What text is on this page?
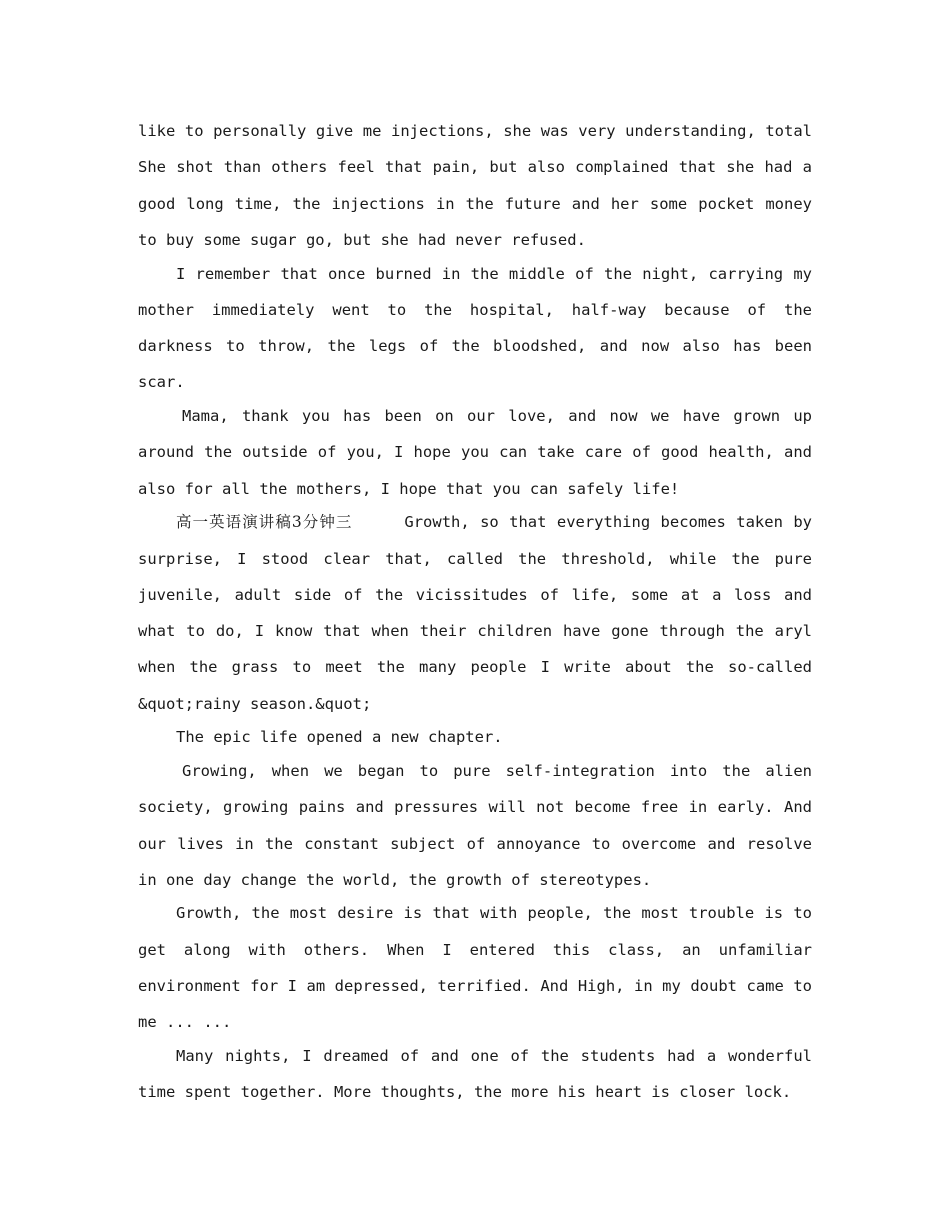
like to personally give me injections, she was very understanding, total She shot than others feel that pain, but also complained that she had a good long time, the injections in the future and her some pocket money to buy some sugar go, but she had never refused.

I remember that once burned in the middle of the night, carrying my mother immediately went to the hospital, half-way because of the darkness to throw, the legs of the bloodshed, and now also has been scar.

Mama, thank you has been on our love, and now we have grown up around the outside of you, I hope you can take care of good health, and also for all the mothers, I hope that you can safely life!

高一英语演讲稿3分钟三	Growth, so that everything becomes taken by surprise, I stood clear that, called the threshold, while the pure juvenile, adult side of the vicissitudes of life, some at a loss and what to do, I know that when their children have gone through the aryl when the grass to meet the many people I write about the so-called &quot;rainy season.&quot;

The epic life opened a new chapter.

Growing, when we began to pure self-integration into the alien society, growing pains and pressures will not become free in early. And our lives in the constant subject of annoyance to overcome and resolve in one day change the world, the growth of stereotypes.

Growth, the most desire is that with people, the most trouble is to get along with others. When I entered this class, an unfamiliar environment for I am depressed, terrified. And High, in my doubt came to me ... ...

Many nights, I dreamed of and one of the students had a wonderful time spent together. More thoughts, the more his heart is closer lock.
